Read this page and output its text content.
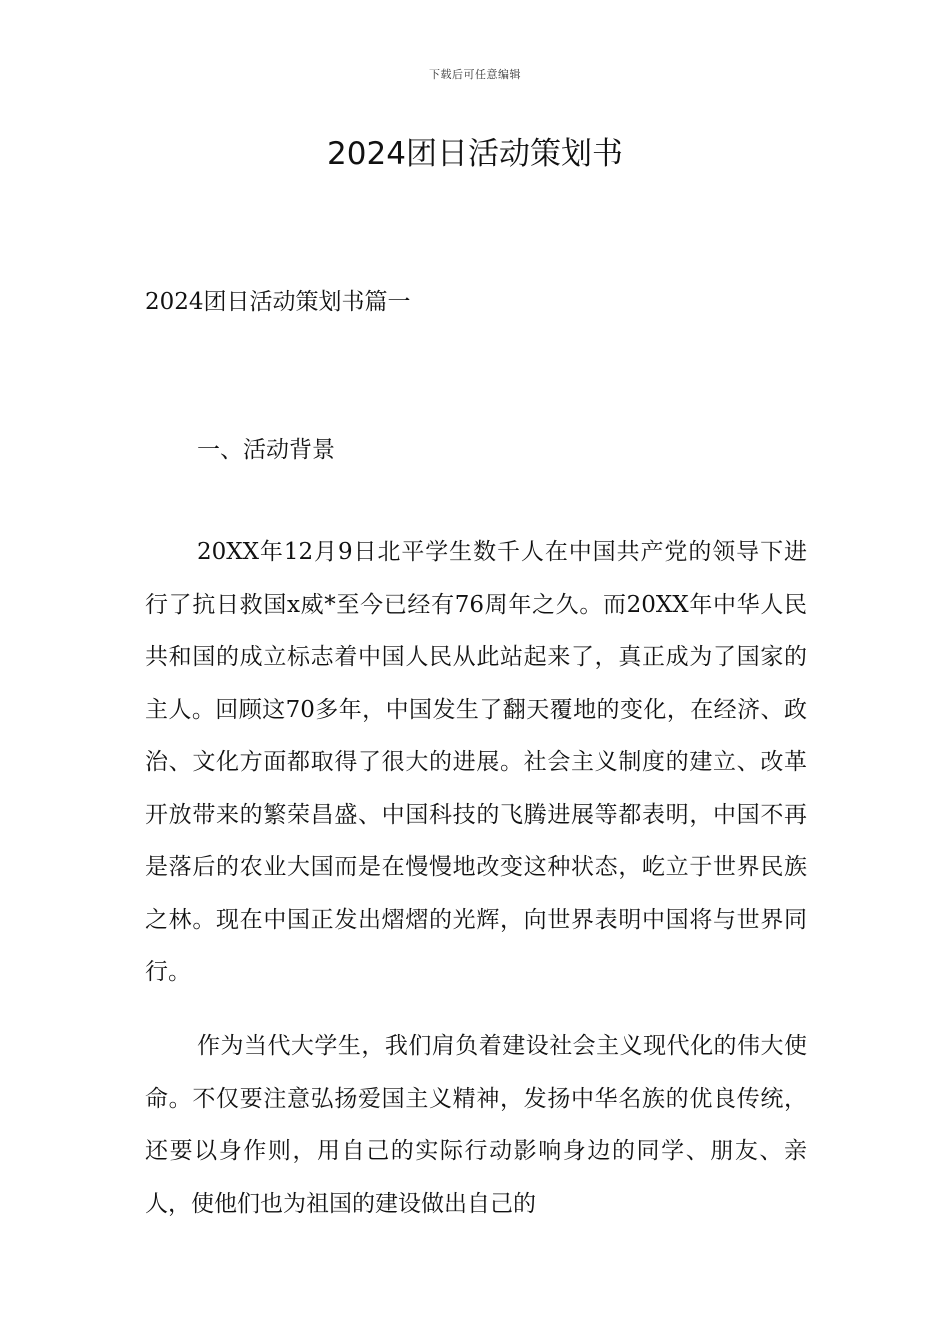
下载后可任意编辑
2024团日活动策划书
2024团日活动策划书篇一
一、活动背景

20XX年12月9日北平学生数千人在中国共产党的领导下进行了抗日救国x威*至今已经有76周年之久。而20XX年中华人民共和国的成立标志着中国人民从此站起来了，真正成为了国家的主人。回顾这70多年，中国发生了翻天覆地的变化，在经济、政治、文化方面都取得了很大的进展。社会主义制度的建立、改革开放带来的繁荣昌盛、中国科技的飞腾进展等都表明，中国不再是落后的农业大国而是在慢慢地改变这种状态，屹立于世界民族之林。现在中国正发出熠熠的光辉，向世界表明中国将与世界同行。

作为当代大学生，我们肩负着建设社会主义现代化的伟大使命。不仅要注意弘扬爱国主义精神，发扬中华名族的优良传统，还要以身作则，用自己的实际行动影响身边的同学、朋友、亲人，使他们也为祖国的建设做出自己的
